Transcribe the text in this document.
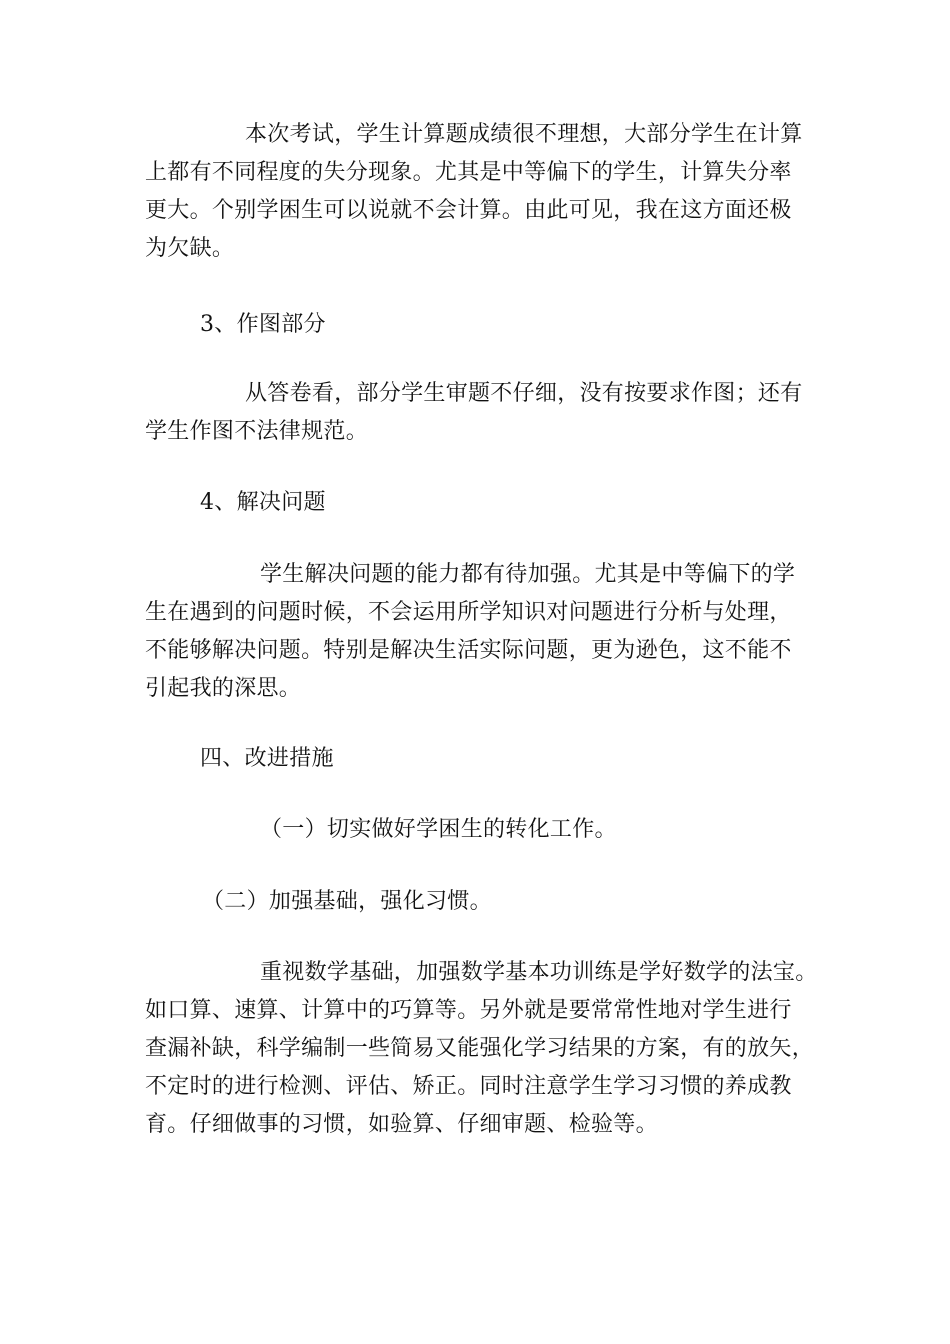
本次考试，学生计算题成绩很不理想，大部分学生在计算
上都有不同程度的失分现象。尤其是中等偏下的学生，计算失分率
更大。个别学困生可以说就不会计算。由此可见，我在这方面还极
为欠缺。
3、作图部分
从答卷看，部分学生审题不仔细，没有按要求作图；还有
学生作图不法律规范。
4、解决问题
学生解决问题的能力都有待加强。尤其是中等偏下的学
生在遇到的问题时候，不会运用所学知识对问题进行分析与处理，
不能够解决问题。特别是解决生活实际问题，更为逊色，这不能不
引起我的深思。
四、改进措施
（一）切实做好学困生的转化工作。
（二）加强基础，强化习惯。
重视数学基础，加强数学基本功训练是学好数学的法宝。
如口算、速算、计算中的巧算等。另外就是要常常性地对学生进行
查漏补缺，科学编制一些简易又能强化学习结果的方案，有的放矢，
不定时的进行检测、评估、矫正。同时注意学生学习习惯的养成教
育。仔细做事的习惯，如验算、仔细审题、检验等。
